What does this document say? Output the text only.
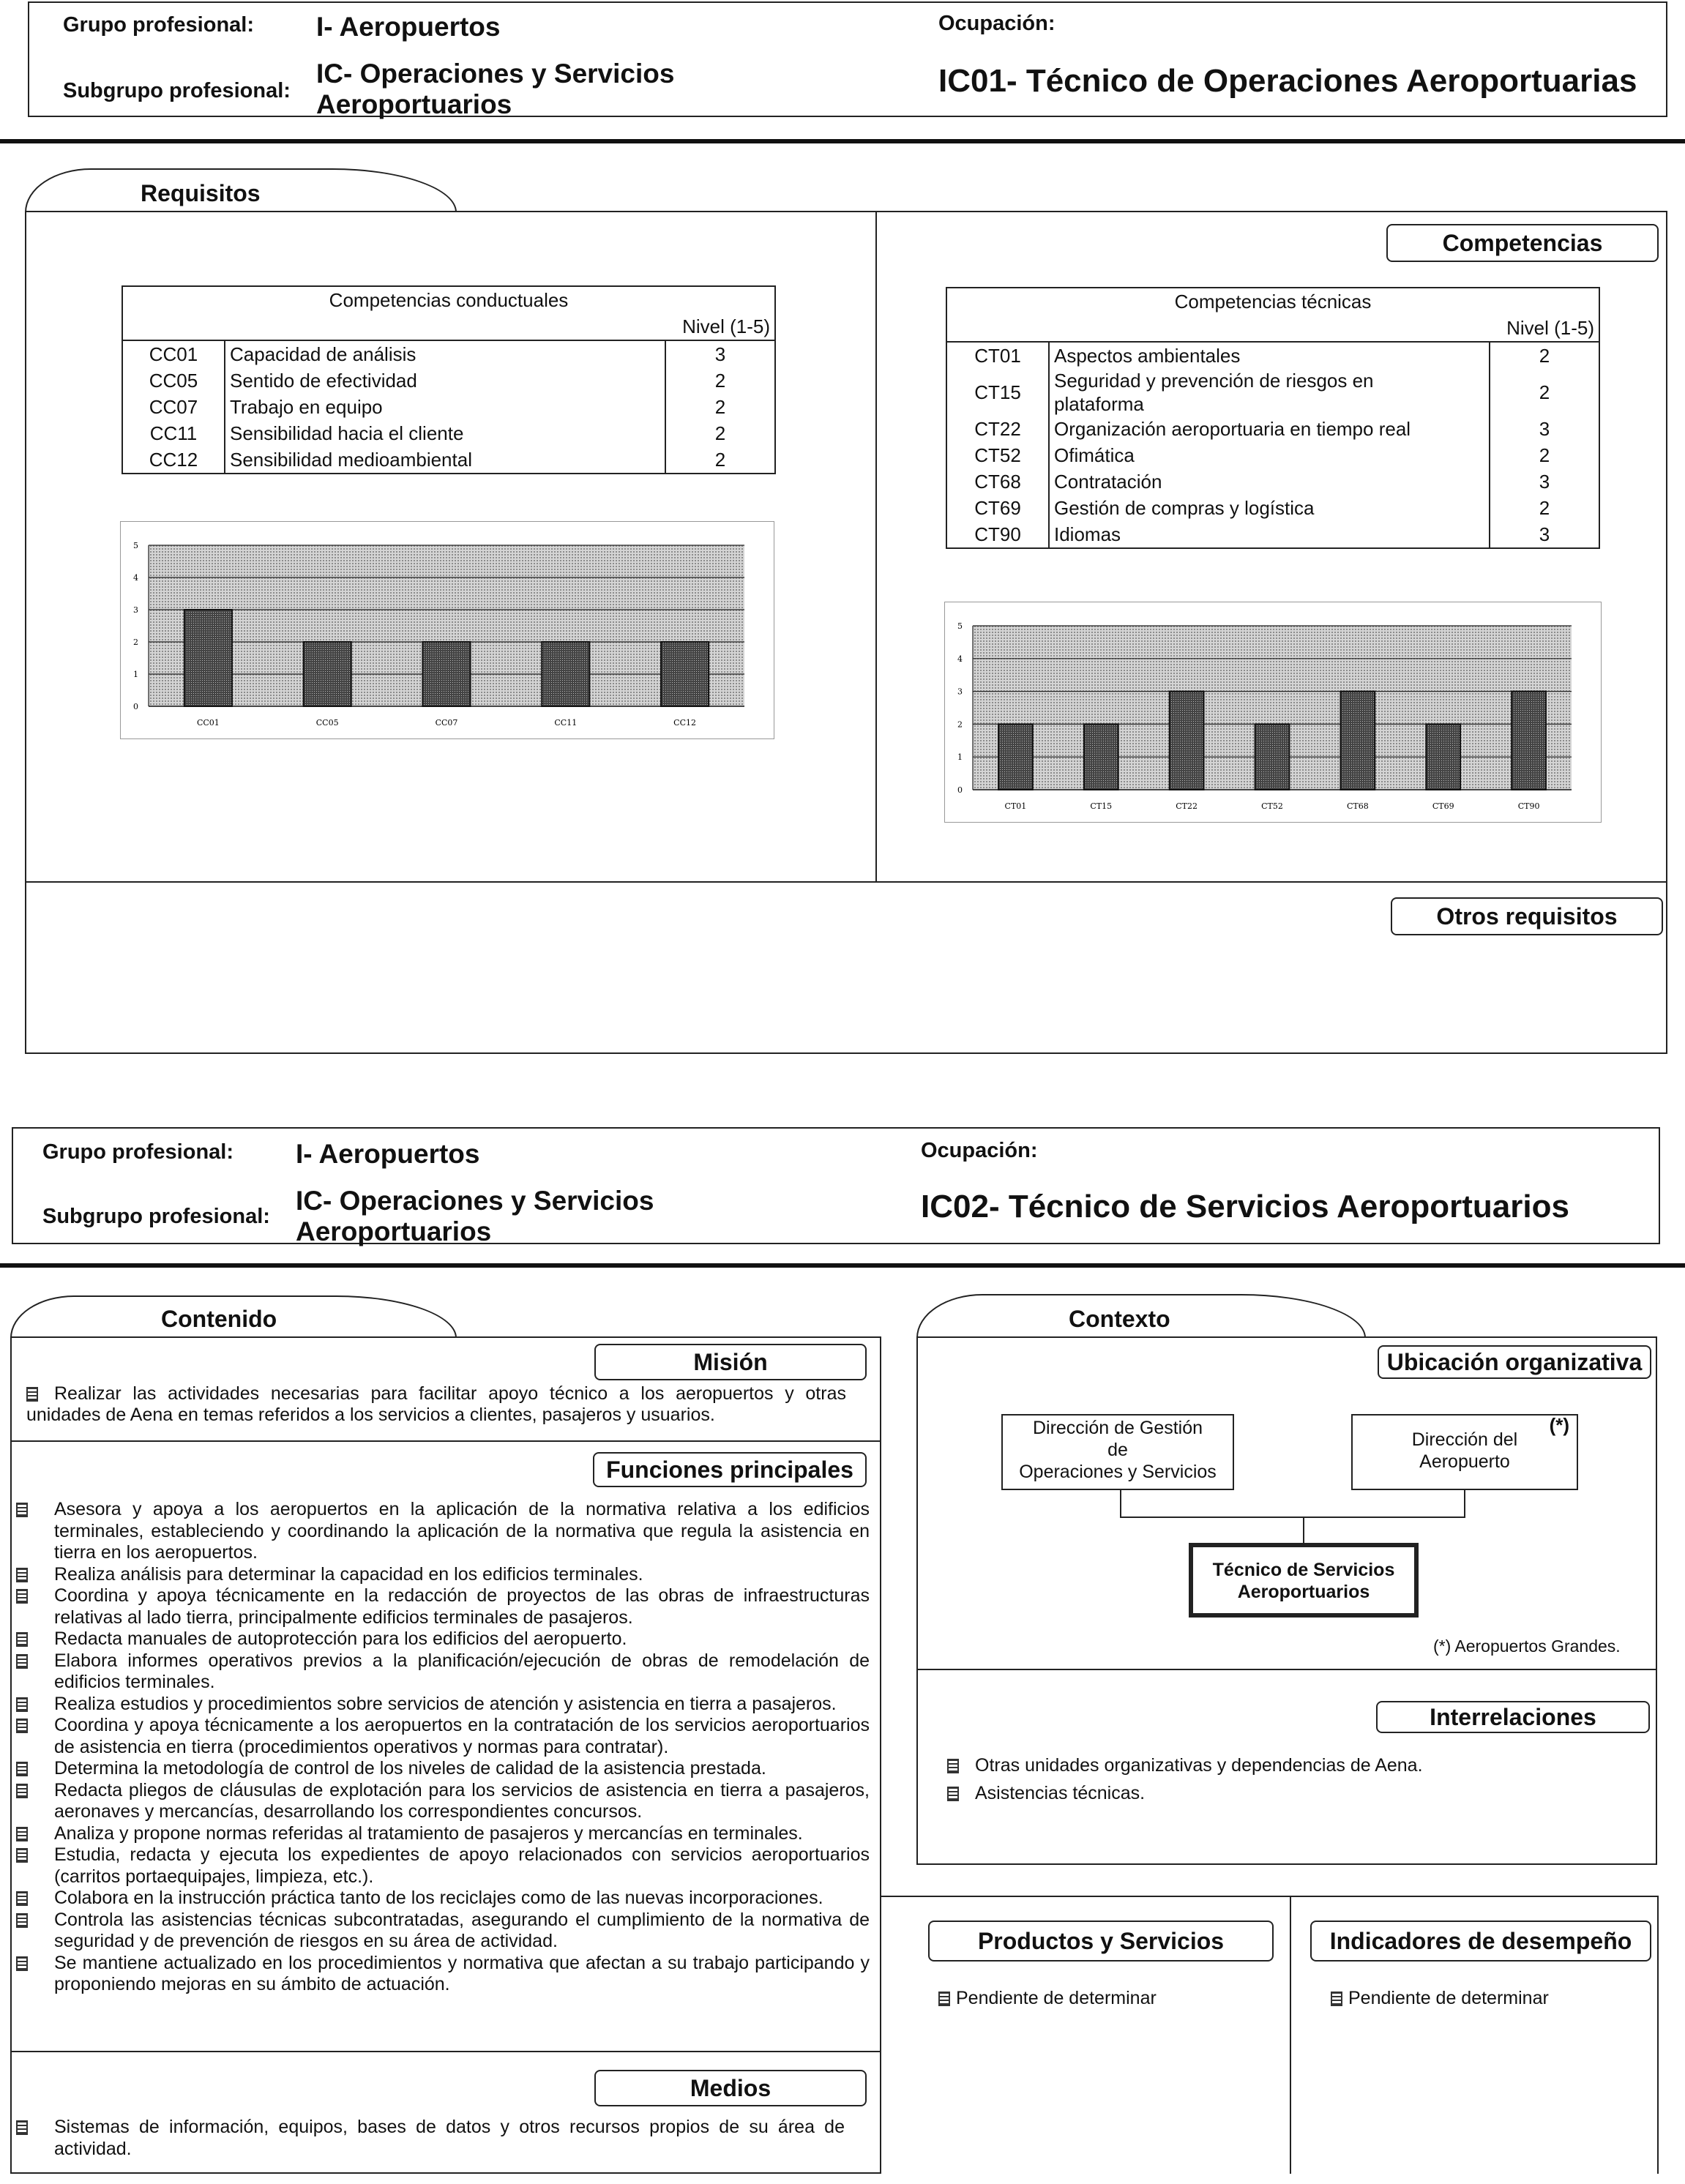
Grupo profesional: I- Aeropuertos
Subgrupo profesional:
IC- Operaciones y Servicios
Aeroportuarios
Ocupación:
IC01- Técnico de Operaciones Aeroportuarias
Requisitos
Competencias
Otros requisitos
Competencias conductuales		
Nivel (1-5)		
CC01	Capacidad de análisis	3
CC05	Sentido de efectividad	2
CC07	Trabajo en equipo	2
CC11	Sensibilidad hacia el cliente	2
CC12	Sensibilidad medioambiental	2
Competencias técnicas		
Nivel (1-5)		
CT01	Aspectos ambientales	2
CT15	Seguridad y prevención de riesgos en
plataforma	2
CT22	Organización aeroportuaria en tiempo real	3
CT52	Ofimática	2
CT68	Contratación	3
CT69	Gestión de compras y logística	2
CT90	Idiomas	3
0
1
2
3
4
5
CC01	CC05	CC07	CC11	CC12
0
1
2
3
4
5
CT01	CT15	CT22	CT52	CT68	CT69	CT90
Grupo profesional: I- Aeropuertos
Subgrupo profesional:
IC- Operaciones y Servicios
Aeroportuarios
Ocupación:
IC02- Técnico de Servicios Aeroportuarios
Contenido
Misión
Realizar las actividades necesarias para facilitar apoyo técnico a los aeropuertos y otras unidades de Aena en temas referidos a los servicios a clientes, pasajeros y usuarios.
Funciones principales
Asesora y apoya a los aeropuertos en la aplicación de la normativa relativa a los edificios terminales, estableciendo y coordinando la aplicación de la normativa que regula la asistencia en tierra en los aeropuertos.
Realiza análisis para determinar la capacidad en los edificios terminales.
Coordina y apoya técnicamente en la redacción de proyectos de las obras de infraestructuras relativas al lado tierra, principalmente edificios terminales de pasajeros.
Redacta manuales de autoprotección para los edificios del aeropuerto.
Elabora informes operativos previos a la planificación/ejecución de obras de remodelación de edificios terminales.
Realiza estudios y procedimientos sobre servicios de atención y asistencia en tierra a pasajeros.
Coordina y apoya técnicamente a los aeropuertos en la contratación de los servicios aeroportuarios de asistencia en tierra (procedimientos operativos y normas para contratar).
Determina la metodología de control de los niveles de calidad de la asistencia prestada.
Redacta pliegos de cláusulas de explotación para los servicios de asistencia en tierra a pasajeros, aeronaves y mercancías, desarrollando los correspondientes concursos.
Analiza y propone normas referidas al tratamiento de pasajeros y mercancías en terminales.
Estudia, redacta y ejecuta los expedientes de apoyo relacionados con servicios aeroportuarios (carritos portaequipajes, limpieza, etc.).
Colabora en la instrucción práctica tanto de los reciclajes como de las nuevas incorporaciones.
Controla las asistencias técnicas subcontratadas, asegurando el cumplimiento de la normativa de seguridad y de prevención de riesgos en su área de actividad.
Se mantiene actualizado en los procedimientos y normativa que afectan a su trabajo participando y proponiendo mejoras en su ámbito de actuación.
Medios
Sistemas de información, equipos, bases de datos y otros recursos propios de su área de actividad.
Contexto
Ubicación organizativa
Dirección de Gestión
de
Operaciones y Servicios
Dirección del
Aeropuerto
(*)
Técnico de Servicios
Aeroportuarios
(*) Aeropuertos Grandes.
Interrelaciones
Otras unidades organizativas y dependencias de Aena.
Asistencias técnicas.
Productos y Servicios	Indicadores de desempeño
Pendiente de determinar	Pendiente de determinar
